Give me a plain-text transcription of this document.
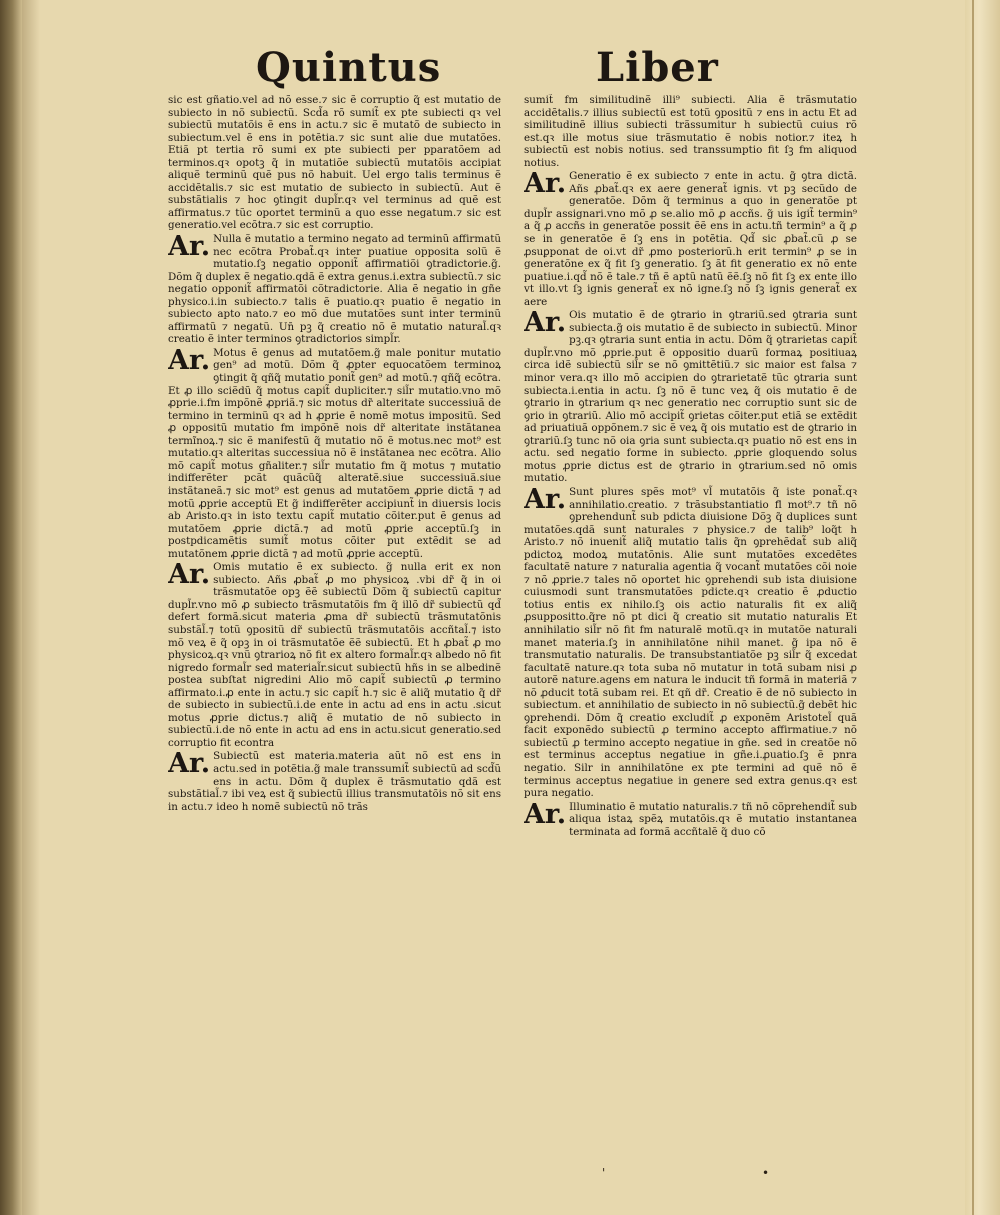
Quintus	Liber
sic est gñatio.vel ad nõ esse.⁊ sic ẽ corruptio q̃ est mutatio de subiecto in nõ subiectũ. Scd̃a rõ sumit̃ ex pte subiecti qꝛ vel subiectũ mutatõis ẽ ens in actu.⁊ sic ẽ mutatõ de subiecto in subiectum.vel ẽ ens in potẽtia.⁊ sic sunt alie due mutatões. Etiã pt tertia rõ sumi ex pte subiecti per pparatõem ad terminos.qꝛ opotꝫ q̃ in mutatiõe subiectũ mutatõis accipiat aliquẽ terminũ quẽ pus nõ habuit. Uel ergo talis terminus ẽ accidẽtalis.⁊ sic est mutatio de subiecto in subiectũ. Aut ẽ substãtialis ⁊ hoc ꝯtingit dupl̃r.qꝛ vel terminus ad quẽ est affirmatus.⁊ tũc oportet terminũ a quo esse negatum.⁊ sic est generatio.vel ecõtra.⁊ sic est corruptio.
Ar. Nulla ẽ mutatio a termino negato ad terminũ affirmatũ nec ecõtra Probat̃.qꝛ inter puatiue opposita solũ ẽ mutatio.ſꝫ negatio opponit̃ affirmatiõi ꝯtradictorie.g̃. Dõm q̃ duplex ẽ negatio.qdã ẽ extra genus.i.extra subiectũ.⁊ sic negatio opponit̃ affirmatõi cõtradictorie. Alia ẽ negatio in gñe physico.i.in subiecto.⁊ talis ẽ puatio.qꝛ puatio ẽ negatio in subiecto apto nato.⁊ eo mõ due mutatões sunt inter terminũ affirmatũ ⁊ negatũ. Un̄ pꝫ q̃ creatio nõ ẽ mutatio natural̃.qꝛ creatio ẽ inter terminos ꝯtradictorios simpl̃r.
Ar. Motus ẽ genus ad mutatõem.g̃ male ponitur mutatio gen⁹ ad motũ. Dõm q̃ ꝓpter equocatõem terminoꝝ ꝯtingit q̃ qñq̃ mutatio ponit̃ gen⁹ ad motũ.⁊ qñq̃ ecõtra. Et ꝓ illo sciẽdũ q̃ motus capit̃ dupliciter.⁊ sil̃r mutatio.vno mõ ꝓprie.i.fm impõnẽ ꝓpriã.⁊ sic motus dr̃ alteritate successiuã de termino in terminũ qꝛ ad h ꝓprie ẽ nomẽ motus impositũ. Sed ꝓ oppositũ mutatio fm impõnẽ nois dr̃ alteritate instãtanea termĩnoꝝ.⁊ sic ẽ manifestũ q̃ mutatio nõ ẽ motus.nec mot⁹ est mutatio.qꝛ alteritas successiua nõ ẽ instãtanea nec ecõtra. Alio mõ capit̃ motus gñaliter.⁊ sil̃r mutatio fm q̃ motus ⁊ mutatio indifferẽter pcãt quãcũq̃ alteratẽ.siue successiuã.siue instãtaneã.⁊ sic mot⁹ est genus ad mutatõem ꝓprie dictã ⁊ ad motũ ꝓprie acceptũ Et g̃ indifferẽter accipiunt̃ in diuersis locis ab Aristo.qꝛ in isto textu capit̃ mutatio cõiter.put ẽ genus ad mutatõem ꝓprie dictã.⁊ ad motũ ꝓprie acceptũ.ſꝫ in postpdicamẽtis sumit̃ motus cõiter put extẽdit se ad mutatõnem ꝓprie dictã ⁊ ad motũ ꝓprie acceptũ.
Ar. Omis mutatio ẽ ex subiecto. g̃ nulla erit ex non subiecto. Añs ꝓbat̃ ꝓ mo physicoꝝ .vbi dr̃ q̃ in oi trãsmutatõe opꝫ ẽẽ subiectũ Dõm q̃ subiectũ capitur dupl̃r.vno mõ ꝓ subiecto trãsmutatõis fm q̃ illõ dr̃ subiectũ qd̃ defert formã.sicut materia ꝓma dr̃ subiectũ trãsmutatõnis substãl̃.⁊ totũ ꝯpositũ dr̃ subiectũ trãsmutatõis accñtal̃.⁊ isto mõ veꝝ ẽ q̃ opꝫ in oi trãsmutatõe ẽẽ subiectũ. Et h ꝓbat̃ ꝓ mo physicoꝝ.qꝛ vnũ ꝯtrarioꝝ nõ fit ex altero formal̃r.qꝛ albedo nõ fit nigredo formal̃r sed material̃r.sicut subiectũ hñs in se albedinẽ postea subſtat nigredini Alio mõ capit̃ subiectũ ꝓ termino affirmato.i.ꝓ ente in actu.⁊ sic capit̃ h.⁊ sic ẽ aliq̃ mutatio q̃ dr̃ de subiecto in subiectũ.i.de ente in actu ad ens in actu .sicut motus ꝓprie dictus.⁊ aliq̃ ẽ mutatio de nõ subiecto in subiectũ.i.de nõ ente in actu ad ens in actu.sicut generatio.sed corruptio fit econtra
Ar. Subiectũ est materia.materia aũt nõ est ens in actu.sed in potẽtia.g̃ male transsumit̃ subiectũ ad scd̃ũ ens in actu. Dõm q̃ duplex ẽ trãsmutatio qdã est substãtial̃.⁊ ibi veꝝ est q̃ subiectũ illius transmutatõis nõ sit ens in actu.⁊ ideo h nomẽ subiectũ nõ trãs
sumit̃ fm similitudinẽ illi⁹ subiecti. Alia ẽ trãsmutatio accidẽtalis.⁊ illius subiectũ est totũ ꝯpositũ ⁊ ens in actu Et ad similitudinẽ illius subiecti trãssumitur h subiectũ cuius rõ est.qꝛ ille motus siue trãsmutatio ẽ nobis notior.⁊ iteꝝ h subiectũ est nobis notius. sed transsumptio fit ſꝫ fm aliquod notius.
Ar. Generatio ẽ ex subiecto ⁊ ente in actu. g̃ ꝯtra dictã. Añs ꝓbat̃.qꝛ ex aere generat̃ ignis. vt pꝫ secũdo de generatõe. Dõm q̃ terminus a quo in generatõe pt dupl̃r assignari.vno mõ ꝓ se.alio mõ ꝓ accñs. g̃ uis igit̃ termin⁹ a q̃ ꝓ accñs in generatõe possit ẽẽ ens in actu.tñ termin⁹ a q̃ ꝓ se in generatõe ẽ ſꝫ ens in potẽtia. Qd̃ sic ꝓbat̃.cũ ꝓ se ꝓsuꝑponat de oi.vt dr̃ ꝓmo posteriorũ.h erit termin⁹ ꝓ se in generatõne ex q̃ fit ſꝫ generatio. ſꝫ ãt fit generatio ex nõ ente puatiue.i.qd̃ nõ ẽ tale.⁊ tñ ẽ aptũ natũ ẽẽ.ſꝫ nõ fit ſꝫ ex ente illo vt illo.vt ſꝫ ignis generat̃ ex nõ igne.ſꝫ nõ ſꝫ ignis generat̃ ex aere
Ar. Ois mutatio ẽ de ꝯtrario in ꝯtrariũ.sed ꝯtraria sunt subiecta.g̃ ois mutatio ẽ de subiecto in subiectũ. Minor pꝫ.qꝛ ꝯtraria sunt entia in actu. Dõm q̃ ꝯtrarietas capit̃ dupl̃r.vno mõ ꝓprie.put ẽ oppositio duarũ formaꝝ positiuaꝝ circa idẽ subiectũ sil̃r se nõ ꝯmittẽtiũ.⁊ sic maior est falsa ⁊ minor vera.qꝛ illo mõ accipien do ꝯtrarietatẽ tũc ꝯtraria sunt subiecta.i.entia in actu. ſꝫ nõ ẽ tunc veꝝ q̃ ois mutatio ẽ de ꝯtrario in ꝯtrarium qꝛ nec generatio nec corruptio sunt sic de ꝯrio in ꝯtrariũ. Alio mõ accipit̃ ꝯrietas cõiter.put etiã se extẽdit ad priuatiuã oppõnem.⁊ sic ẽ veꝝ q̃ ois mutatio est de ꝯtrario in ꝯtrariũ.ſꝫ tunc nõ oia ꝯria sunt subiecta.qꝛ puatio nõ est ens in actu. sed negatio forme in subiecto. ꝓprie gloquendo solus motus ꝓprie dictus est de ꝯtrario in ꝯtrarium.sed nõ omis mutatio.
Ar. Sunt plures spẽs mot⁹ vl̃ mutatõis q̃ iste ponat̃.qꝛ annihilatio.creatio. ⁊ trãsubstantiatio fl̃ mot⁹.⁊ tñ nõ ꝯprehendunt̃ sub pdicta diuisione Dõꝫ q̃ duplices sunt mutatões.qdã sunt naturales ⁊ physice.⁊ de talib⁹ loq̃t h Aristo.⁊ nõ inuenit̃ aliq̃ mutatio talis q̃n ꝯprehẽdat̃ sub aliq̃ pdictoꝝ modoꝝ mutatõnis. Alie sunt mutatões excedẽtes facultatẽ nature ⁊ naturalia agentia q̃ vocant̃ mutatões cõi noie ⁊ nõ ꝓprie.⁊ tales nõ oportet hic ꝯprehendi sub ista diuisione cuiusmodi sunt transmutatões pdicte.qꝛ creatio ẽ ꝓductio totius entis ex nihilo.ſꝫ ois actio naturalis fit ex aliq̃ ꝓsuppositto.q̃re nõ pt dici q̃ creatio sit mutatio naturalis Et annihilatio sil̃r nõ fit fm naturalẽ motũ.qꝛ in mutatõe naturali manet materia.ſꝫ in annihilatõne nihil manet. g̃ ipa nõ ẽ transmutatio naturalis. De transubstantiatõe pꝫ sil̃r q̃ excedat facultatẽ nature.qꝛ tota suba nõ mutatur in totã subam nisi ꝓ autorẽ nature.agens em natura le inducit tñ formã in materiã ⁊ nõ ꝓducit totã subam rei. Et qñ dr̃. Creatio ẽ de nõ subiecto in subiectum. et annihilatio de subiecto in nõ subiectũ.g̃ debẽt hic ꝯprehendi. Dõm q̃ creatio excludit̃ ꝓ exponẽm Aristotel̃ quã facit exponẽdo subiectũ ꝓ termino accepto affirmatiue.⁊ nõ subiectũ ꝓ termino accepto negatiue in gñe. sed in creatõe nõ est terminus acceptus negatiue in gñe.i.ꝓuatio.ſꝫ ẽ pnra negatio. Silr in annihilatõne ex pte termini ad quẽ nõ ẽ terminus acceptus negatiue in genere sed extra genus.qꝛ est pura negatio.
Ar. Illuminatio ẽ mutatio naturalis.⁊ tñ nõ cõprehendit̃ sub aliqua istaꝝ spẽꝝ mutatõis.qꝛ ẽ mutatio instantanea terminata ad formã accñtalẽ q̃ duo cõ
'	•
